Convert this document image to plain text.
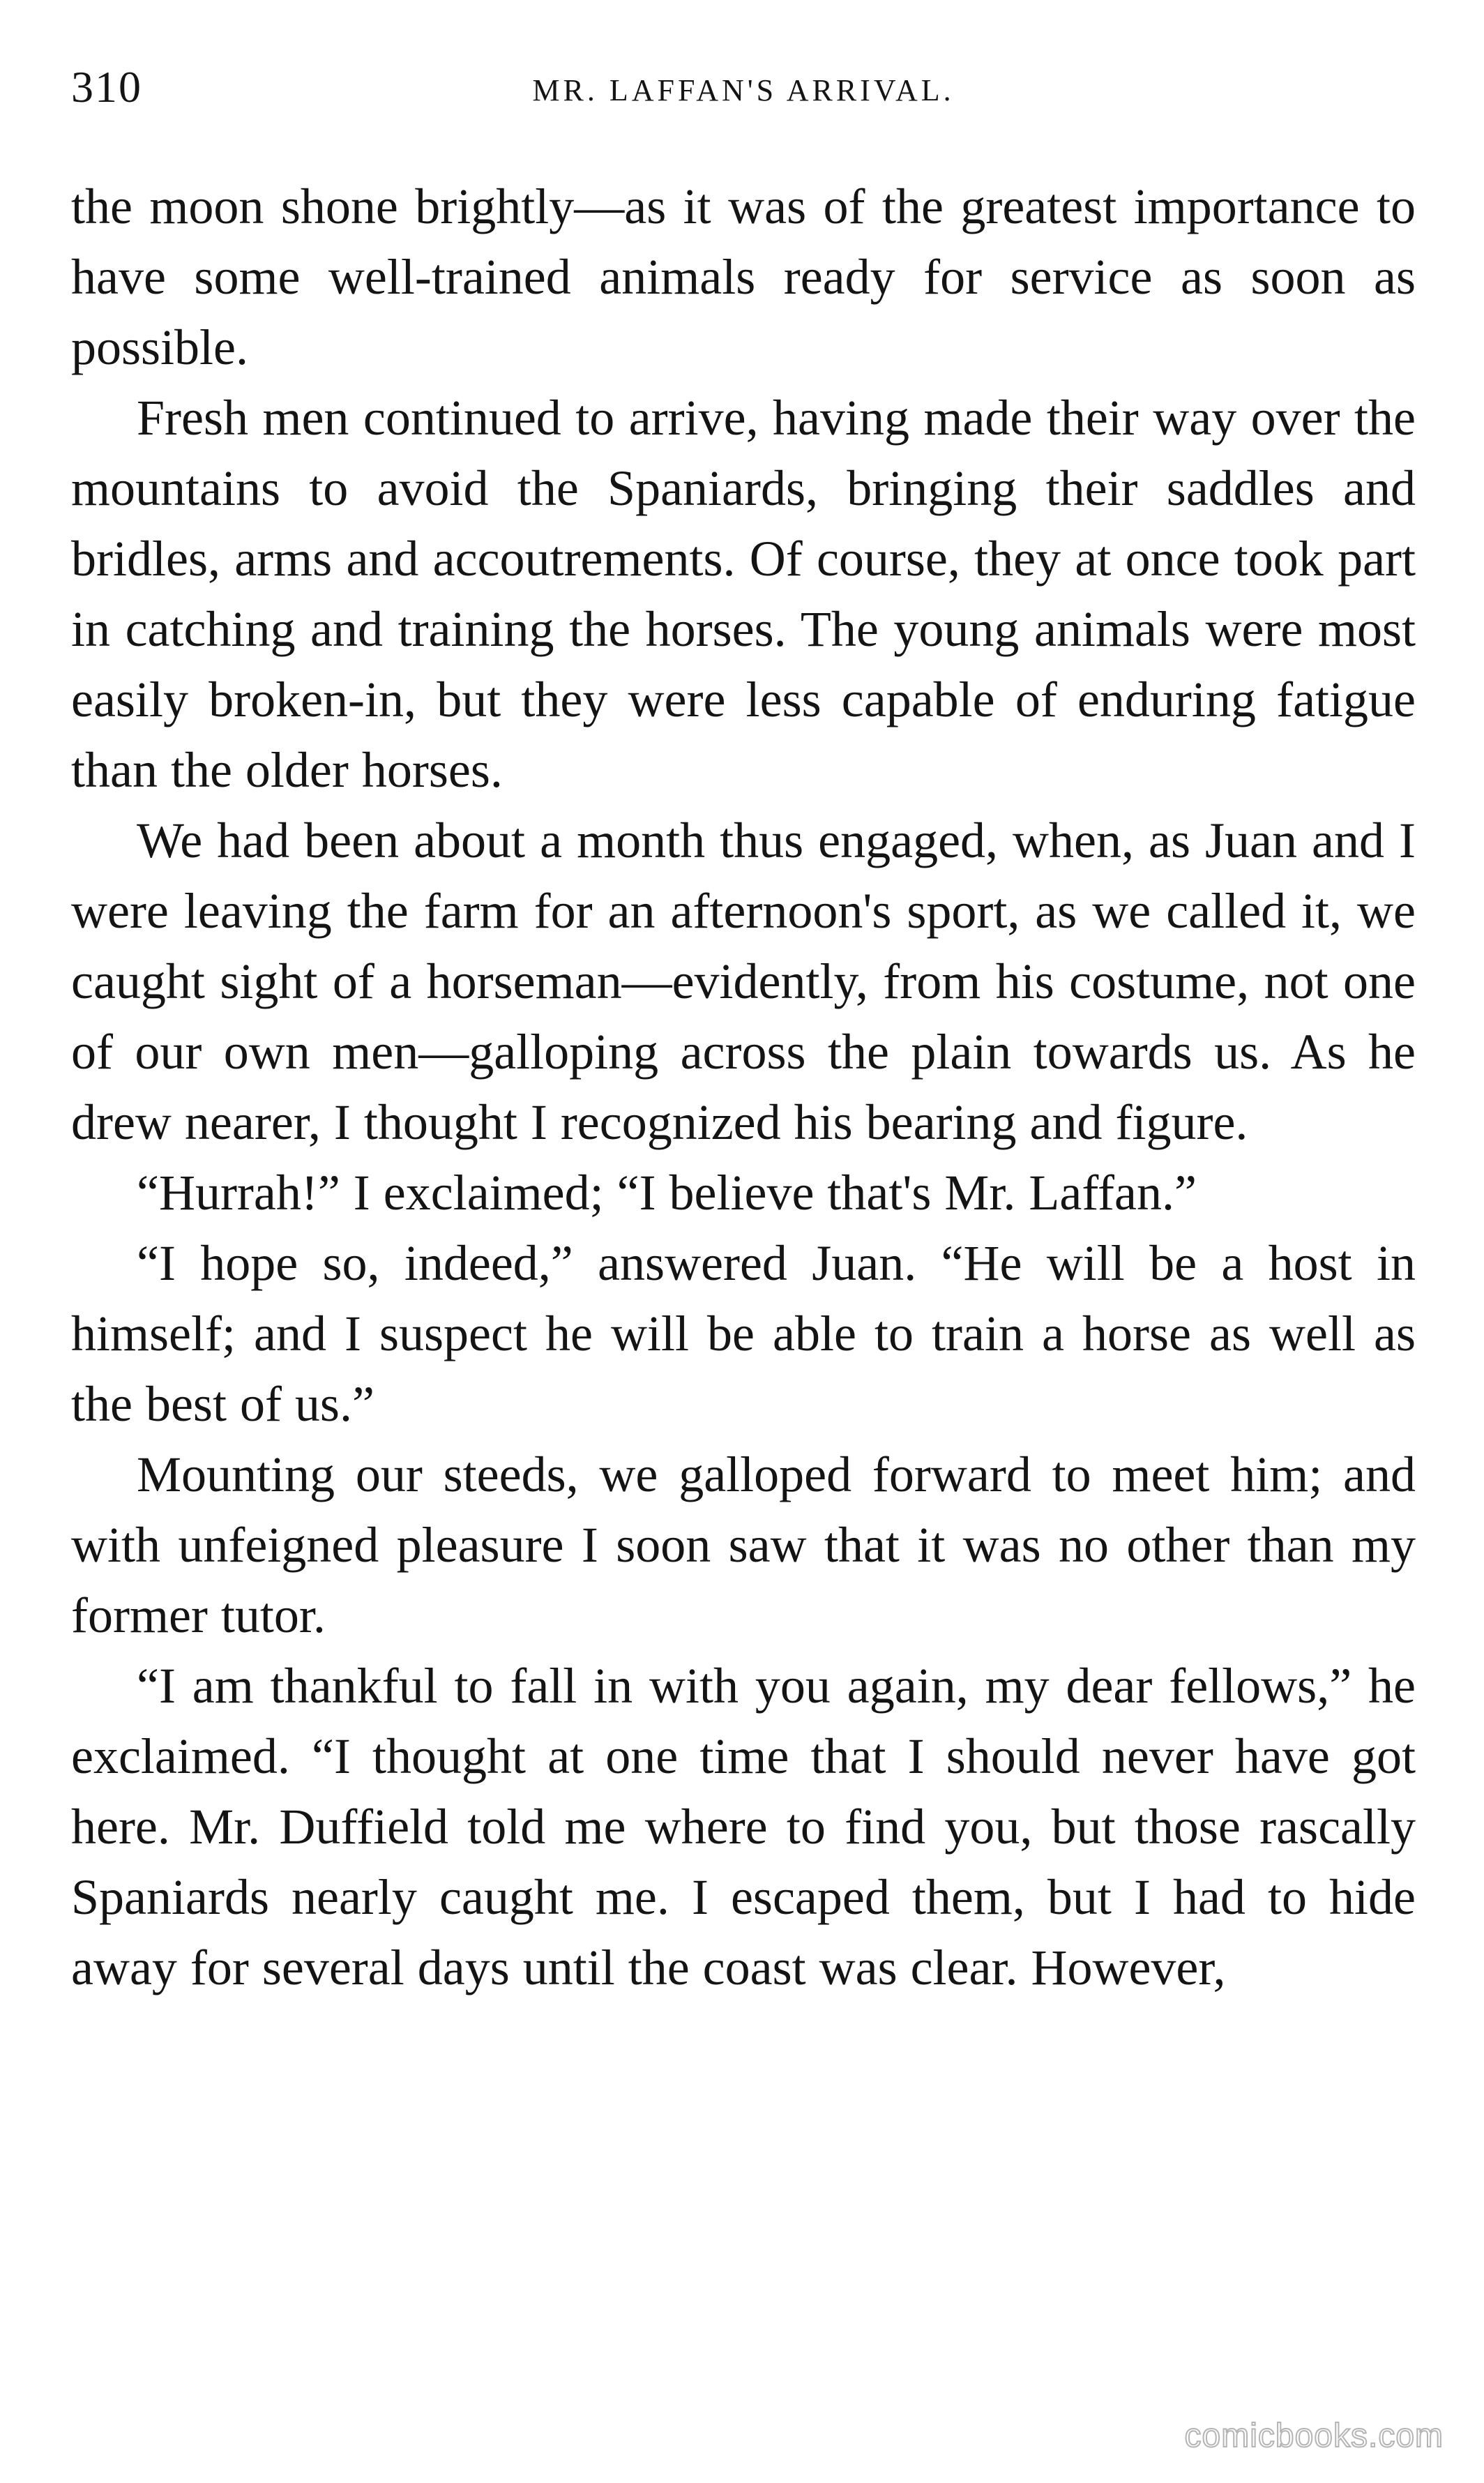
310	MR. LAFFAN'S ARRIVAL.

the moon shone brightly—as it was of the greatest importance to have some well-trained animals ready for service as soon as possible.

Fresh men continued to arrive, having made their way over the mountains to avoid the Spaniards, bringing their saddles and bridles, arms and accoutrements. Of course, they at once took part in catching and training the horses. The young animals were most easily broken-in, but they were less capable of enduring fatigue than the older horses.

We had been about a month thus engaged, when, as Juan and I were leaving the farm for an afternoon's sport, as we called it, we caught sight of a horseman—evidently, from his costume, not one of our own men—galloping across the plain towards us. As he drew nearer, I thought I recognized his bearing and figure.

“Hurrah!” I exclaimed; “I believe that's Mr. Laffan.”

“I hope so, indeed,” answered Juan. “He will be a host in himself; and I suspect he will be able to train a horse as well as the best of us.”

Mounting our steeds, we galloped forward to meet him; and with unfeigned pleasure I soon saw that it was no other than my former tutor.

“I am thankful to fall in with you again, my dear fellows,” he exclaimed. “I thought at one time that I should never have got here. Mr. Duffield told me where to find you, but those rascally Spaniards nearly caught me. I escaped them, but I had to hide away for several days until the coast was clear. However,

comicbooks.com
